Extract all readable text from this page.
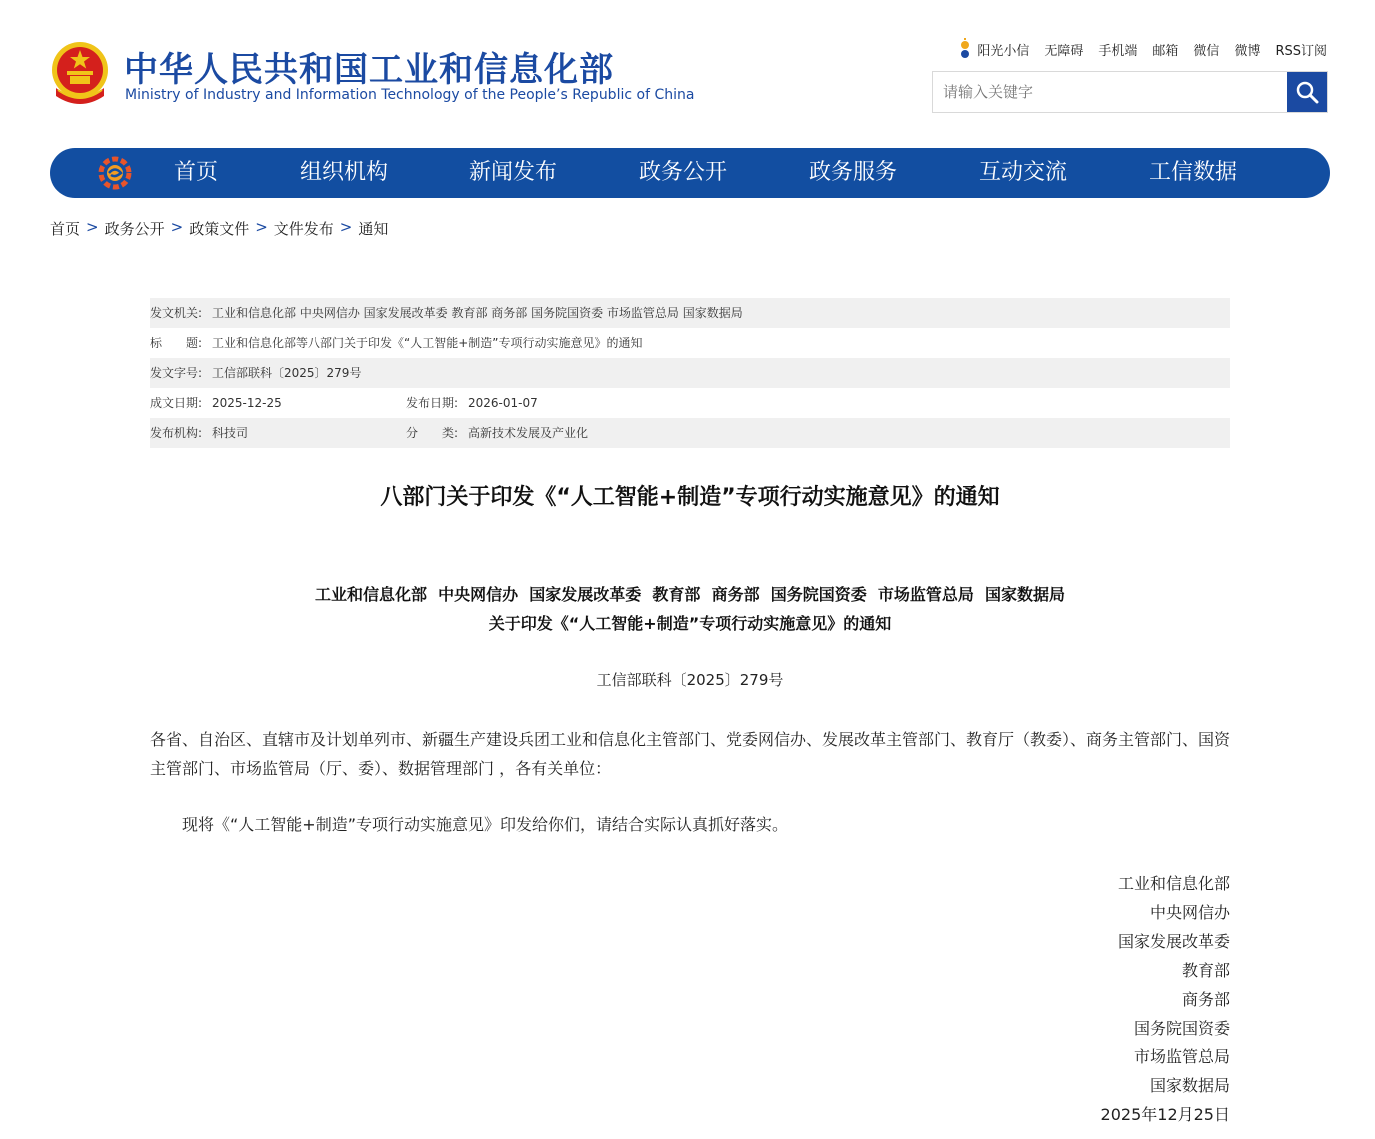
中华人民共和国工业和信息化部
Ministry of Industry and Information Technology of the People’s Republic of China
阳光小信 无障碍 手机端 邮箱 微信 微博 RSS订阅
请输入关键字
首页	组织机构	新闻发布	政务公开	政务服务	互动交流	工信数据
首页 > 政务公开 > 政策文件 > 文件发布 > 通知
发文机关: 工业和信息化部 中央网信办 国家发展改革委 教育部 商务部 国务院国资委 市场监管总局 国家数据局
标　　题: 工业和信息化部等八部门关于印发《“人工智能+制造”专项行动实施意见》的通知
发文字号: 工信部联科〔2025〕279号
成文日期: 2025-12-25	发布日期: 2026-01-07
发布机构: 科技司	分　　类: 高新技术发展及产业化
八部门关于印发《“人工智能+制造”专项行动实施意见》的通知
工业和信息化部  中央网信办  国家发展改革委  教育部  商务部  国务院国资委  市场监管总局  国家数据局
关于印发《“人工智能+制造”专项行动实施意见》的通知
工信部联科〔2025〕279号
各省、自治区、直辖市及计划单列市、新疆生产建设兵团工业和信息化主管部门、党委网信办、发展改革主管部门、教育厅（教委）、商务主管部门、国资主管部门、市场监管局（厅、委）、数据管理部门 ，各有关单位：
现将《“人工智能+制造”专项行动实施意见》印发给你们，请结合实际认真抓好落实。
工业和信息化部
中央网信办
国家发展改革委
教育部
商务部
国务院国资委
市场监管总局
国家数据局
2025年12月25日
